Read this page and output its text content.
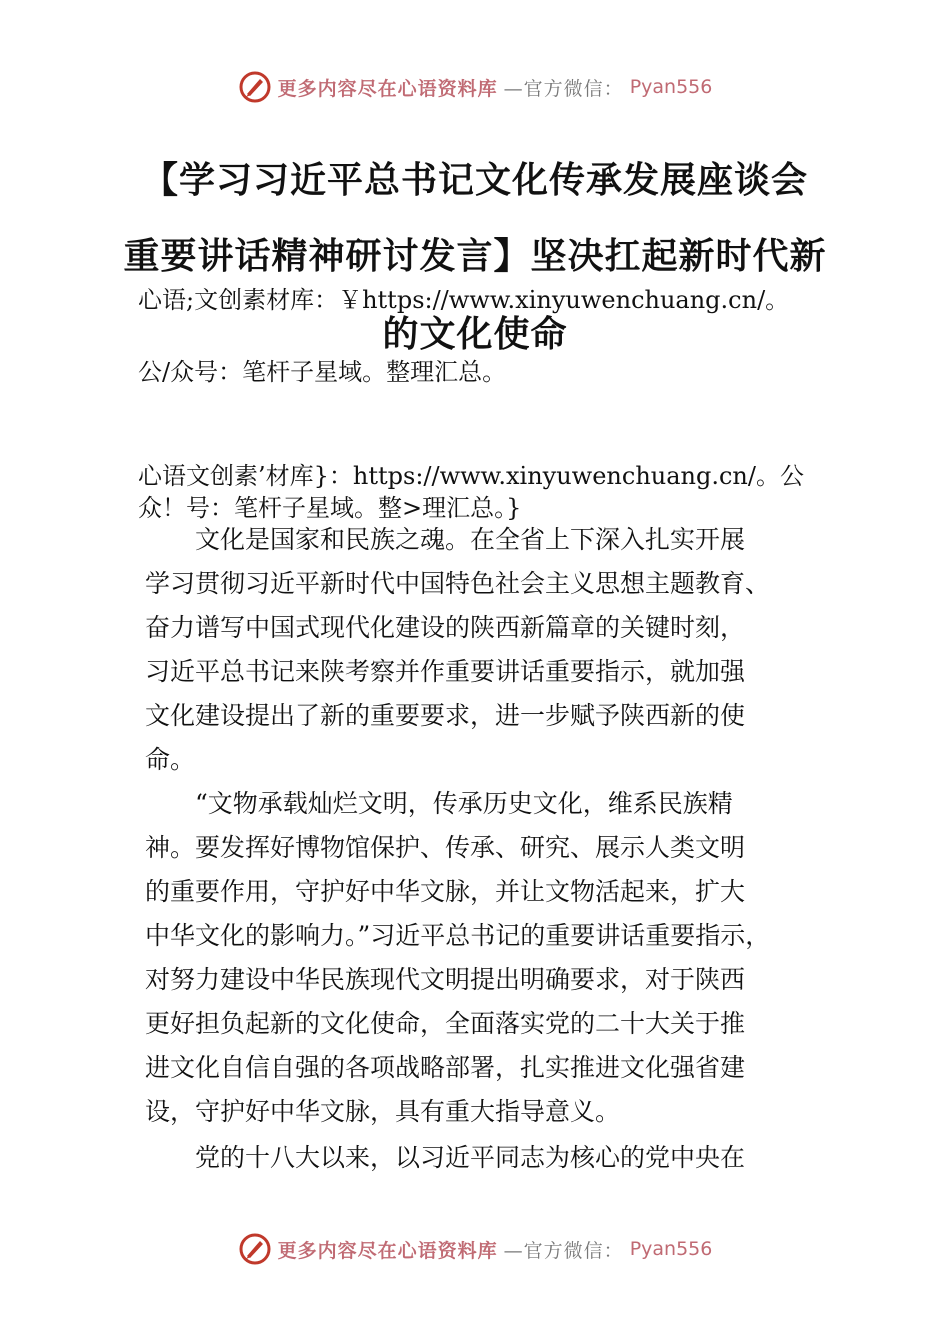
更多内容尽在心语资料库 —官方微信： Pyan556
【学习习近平总书记文化传承发展座谈会
重要讲话精神研讨发言】坚决扛起新时代新
心语;文创素材库：￥https://www.xinyuwenchuang.cn/。
的文化使命
公/众号：笔杆子星域。整理汇总。
心语文创素’材库}：https://www.xinyuwenchuang.cn/。公
众！号：笔杆子星域。整>理汇总。}
　　文化是国家和民族之魂。在全省上下深入扎实开展
学习贯彻习近平新时代中国特色社会主义思想主题教育、
奋力谱写中国式现代化建设的陕西新篇章的关键时刻，
习近平总书记来陕考察并作重要讲话重要指示，就加强
文化建设提出了新的重要要求，进一步赋予陕西新的使
命。
　　“文物承载灿烂文明，传承历史文化，维系民族精
神。要发挥好博物馆保护、传承、研究、展示人类文明
的重要作用，守护好中华文脉，并让文物活起来，扩大
中华文化的影响力。”习近平总书记的重要讲话重要指示，
对努力建设中华民族现代文明提出明确要求，对于陕西
更好担负起新的文化使命，全面落实党的二十大关于推
进文化自信自强的各项战略部署，扎实推进文化强省建
设，守护好中华文脉，具有重大指导意义。
　　党的十八大以来，以习近平同志为核心的党中央在
更多内容尽在心语资料库 —官方微信： Pyan556
